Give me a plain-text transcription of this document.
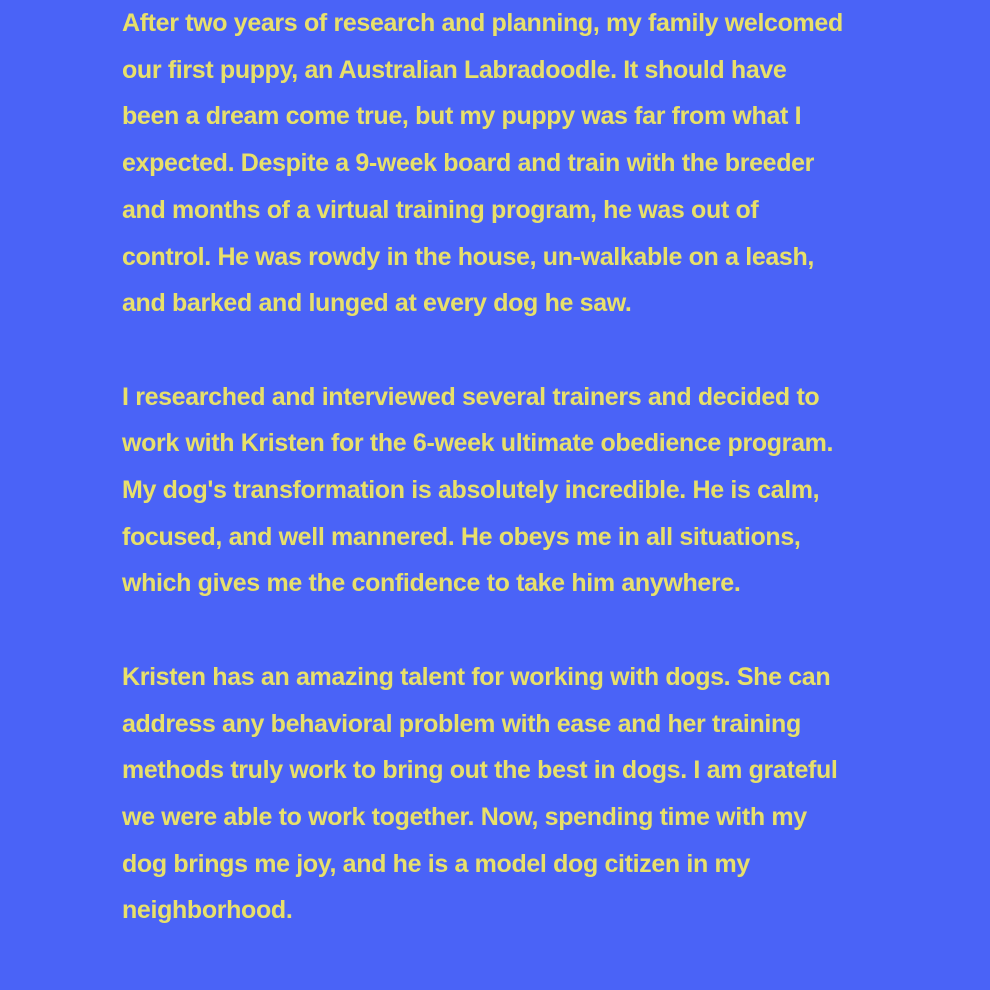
After two years of research and planning, my family welcomed
our first puppy, an Australian Labradoodle. It should have
been a dream come true, but my puppy was far from what I
expected. Despite a 9-week board and train with the breeder
and months of a virtual training program, he was out of
control. He was rowdy in the house, un-walkable on a leash,
and barked and lunged at every dog he saw.

I researched and interviewed several trainers and decided to
work with Kristen for the 6-week ultimate obedience program.
My dog's transformation is absolutely incredible. He is calm,
focused, and well mannered. He obeys me in all situations,
which gives me the confidence to take him anywhere.

Kristen has an amazing talent for working with dogs. She can
address any behavioral problem with ease and her training
methods truly work to bring out the best in dogs. I am grateful
we were able to work together. Now, spending time with my
dog brings me joy, and he is a model dog citizen in my
neighborhood.
